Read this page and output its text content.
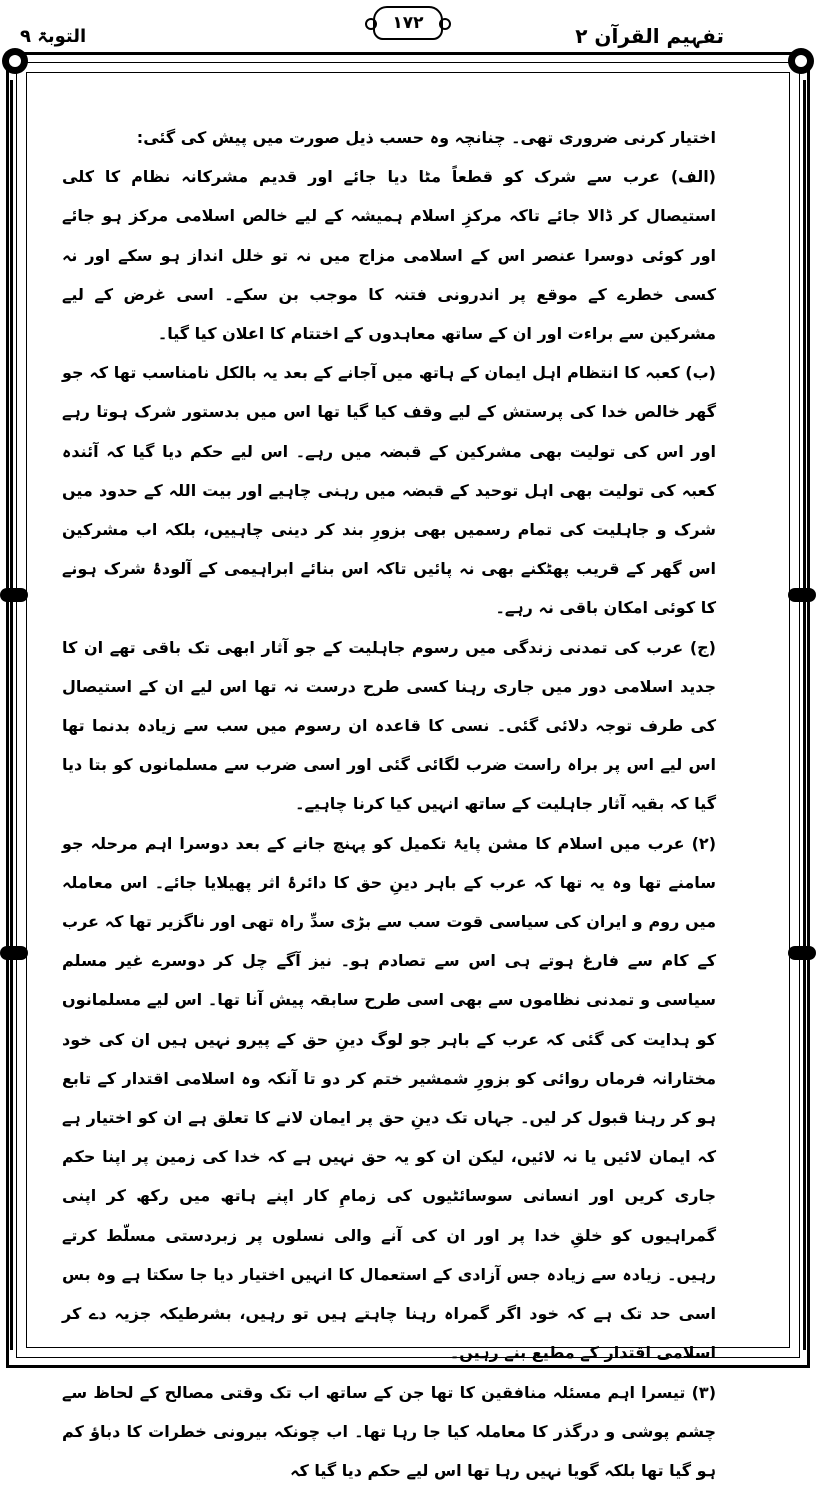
التوبۃ ۹
۱۷۲
تفہیم القرآن ۲

اختیار کرنی ضروری تھی۔ چنانچہ وہ حسب ذیل صورت میں پیش کی گئی:

(الف) عرب سے شرک کو قطعاً مٹا دیا جائے اور قدیم مشرکانہ نظام کا کلی استیصال کر ڈالا جائے تاکہ مرکزِ اسلام ہمیشہ کے لیے خالص اسلامی مرکز ہو جائے اور کوئی دوسرا عنصر اس کے اسلامی مزاج میں نہ تو خلل انداز ہو سکے اور نہ کسی خطرے کے موقع پر اندرونی فتنہ کا موجب بن سکے۔ اسی غرض کے لیے مشرکین سے براءت اور ان کے ساتھ معاہدوں کے اختتام کا اعلان کیا گیا۔

(ب) کعبہ کا انتظام اہل ایمان کے ہاتھ میں آجانے کے بعد یہ بالکل نامناسب تھا کہ جو گھر خالص خدا کی پرستش کے لیے وقف کیا گیا تھا اس میں بدستور شرک ہوتا رہے اور اس کی تولیت بھی مشرکین کے قبضہ میں رہے۔ اس لیے حکم دیا گیا کہ آئندہ کعبہ کی تولیت بھی اہل توحید کے قبضہ میں رہنی چاہیے اور بیت اللہ کے حدود میں شرک و جاہلیت کی تمام رسمیں بھی بزورِ بند کر دینی چاہییں، بلکہ اب مشرکین اس گھر کے قریب پھٹکنے بھی نہ پائیں تاکہ اس بنائے ابراہیمی کے آلودۂ شرک ہونے کا کوئی امکان باقی نہ رہے۔

(ج) عرب کی تمدنی زندگی میں رسوم جاہلیت کے جو آثار ابھی تک باقی تھے ان کا جدید اسلامی دور میں جاری رہنا کسی طرح درست نہ تھا اس لیے ان کے استیصال کی طرف توجہ دلائی گئی۔ نسی کا قاعدہ ان رسوم میں سب سے زیادہ بدنما تھا اس لیے اس پر براہ راست ضرب لگائی گئی اور اسی ضرب سے مسلمانوں کو بتا دیا گیا کہ بقیہ آثار جاہلیت کے ساتھ انہیں کیا کرنا چاہیے۔

(۲) عرب میں اسلام کا مشن پایۂ تکمیل کو پہنچ جانے کے بعد دوسرا اہم مرحلہ جو سامنے تھا وہ یہ تھا کہ عرب کے باہر دینِ حق کا دائرۂ اثر پھیلایا جائے۔ اس معاملہ میں روم و ایران کی سیاسی قوت سب سے بڑی سدِّ راہ تھی اور ناگزیر تھا کہ عرب کے کام سے فارغ ہوتے ہی اس سے تصادم ہو۔ نیز آگے چل کر دوسرے غیر مسلم سیاسی و تمدنی نظاموں سے بھی اسی طرح سابقہ پیش آنا تھا۔ اس لیے مسلمانوں کو ہدایت کی گئی کہ عرب کے باہر جو لوگ دینِ حق کے پیرو نہیں ہیں ان کی خود مختارانہ فرماں روائی کو بزورِ شمشیر ختم کر دو تا آنکہ وہ اسلامی اقتدار کے تابع ہو کر رہنا قبول کر لیں۔ جہاں تک دینِ حق پر ایمان لانے کا تعلق ہے ان کو اختیار ہے کہ ایمان لائیں یا نہ لائیں، لیکن ان کو یہ حق نہیں ہے کہ خدا کی زمین پر اپنا حکم جاری کریں اور انسانی سوسائٹیوں کی زمامِ کار اپنے ہاتھ میں رکھ کر اپنی گمراہیوں کو خلقِ خدا پر اور ان کی آنے والی نسلوں پر زبردستی مسلّط کرتے رہیں۔ زیادہ سے زیادہ جس آزادی کے استعمال کا انہیں اختیار دیا جا سکتا ہے وہ بس اسی حد تک ہے کہ خود اگر گمراہ رہنا چاہتے ہیں تو رہیں، بشرطیکہ جزیہ دے کر اسلامی اقتدار کے مطیع بنے رہیں۔

(۳) تیسرا اہم مسئلہ منافقین کا تھا جن کے ساتھ اب تک وقتی مصالح کے لحاظ سے چشم پوشی و درگذر کا معاملہ کیا جا رہا تھا۔ اب چونکہ بیرونی خطرات کا دباؤ کم ہو گیا تھا بلکہ گویا نہیں رہا تھا اس لیے حکم دیا گیا کہ
